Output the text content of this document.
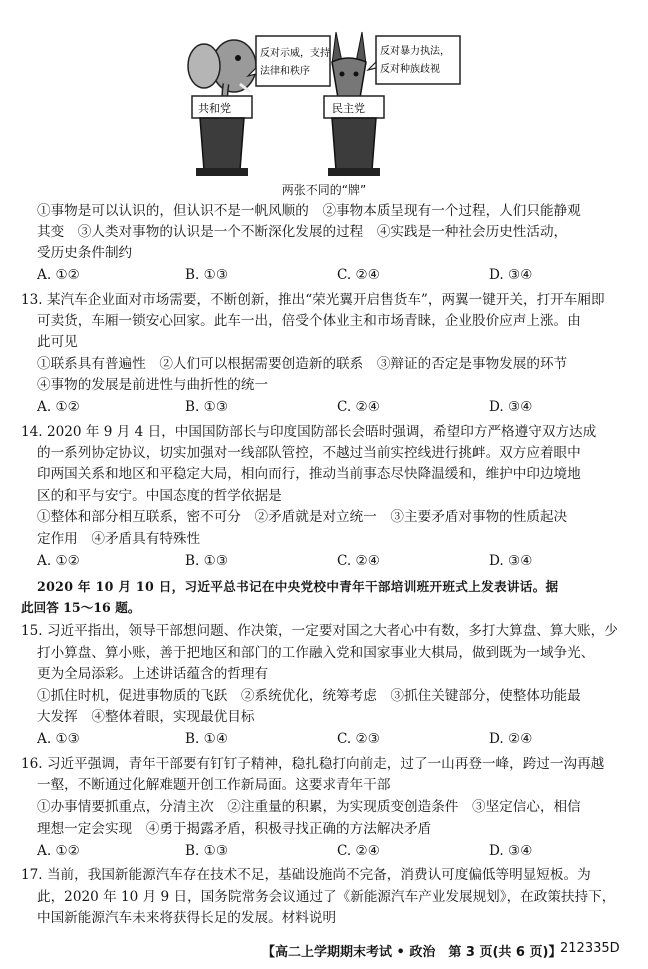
反对示威，支持
法律和秩序
共和党
反对暴力执法，
反对种族歧视
民主党
两张不同的“牌”
①事物是可以认识的，但认识不是一帆风顺的　②事物本质呈现有一个过程，人们只能静观
其变　③人类对事物的认识是一个不断深化发展的过程　④实践是一种社会历史性活动，
受历史条件制约
A. ①②	B. ①③	C. ②④	D. ③④
13. 某汽车企业面对市场需要，不断创新，推出“荣光翼开启售货车”，两翼一键开关，打开车厢即
可卖货，车厢一锁安心回家。此车一出，倍受个体业主和市场青睐，企业股价应声上涨。由
此可见
①联系具有普遍性　②人们可以根据需要创造新的联系　③辩证的否定是事物发展的环节
④事物的发展是前进性与曲折性的统一
A. ①②	B. ①③	C. ②④	D. ③④
14. 2020 年 9 月 4 日，中国国防部长与印度国防部长会晤时强调，希望印方严格遵守双方达成
的一系列协定协议，切实加强对一线部队管控，不越过当前实控线进行挑衅。双方应着眼中
印两国关系和地区和平稳定大局，相向而行，推动当前事态尽快降温缓和，维护中印边境地
区的和平与安宁。中国态度的哲学依据是
①整体和部分相互联系，密不可分　②矛盾就是对立统一　③主要矛盾对事物的性质起决
定作用　④矛盾具有特殊性
A. ①②	B. ①③	C. ②④	D. ③④
2020 年 10 月 10 日，习近平总书记在中央党校中青年干部培训班开班式上发表讲话。据
此回答 15～16 题。
15. 习近平指出，领导干部想问题、作决策，一定要对国之大者心中有数，多打大算盘、算大账，少
打小算盘、算小账，善于把地区和部门的工作融入党和国家事业大棋局，做到既为一域争光、
更为全局添彩。上述讲话蕴含的哲理有
①抓住时机，促进事物质的飞跃　②系统优化，统筹考虑　③抓住关键部分，使整体功能最
大发挥　④整体着眼，实现最优目标
A. ①③	B. ①④	C. ②③	D. ②④
16. 习近平强调，青年干部要有钉钉子精神，稳扎稳打向前走，过了一山再登一峰，跨过一沟再越
一壑，不断通过化解难题开创工作新局面。这要求青年干部
①办事情要抓重点，分清主次　②注重量的积累，为实现质变创造条件　③坚定信心，相信
理想一定会实现　④勇于揭露矛盾，积极寻找正确的方法解决矛盾
A. ①②	B. ①③	C. ②④	D. ③④
17. 当前，我国新能源汽车存在技术不足，基础设施尚不完备，消费认可度偏低等明显短板。为
此，2020 年 10 月 9 日，国务院常务会议通过了《新能源汽车产业发展规划》，在政策扶持下，
中国新能源汽车未来将获得长足的发展。材料说明
【高二上学期期末考试 • 政治　第 3 页(共 6 页)】
212335D
